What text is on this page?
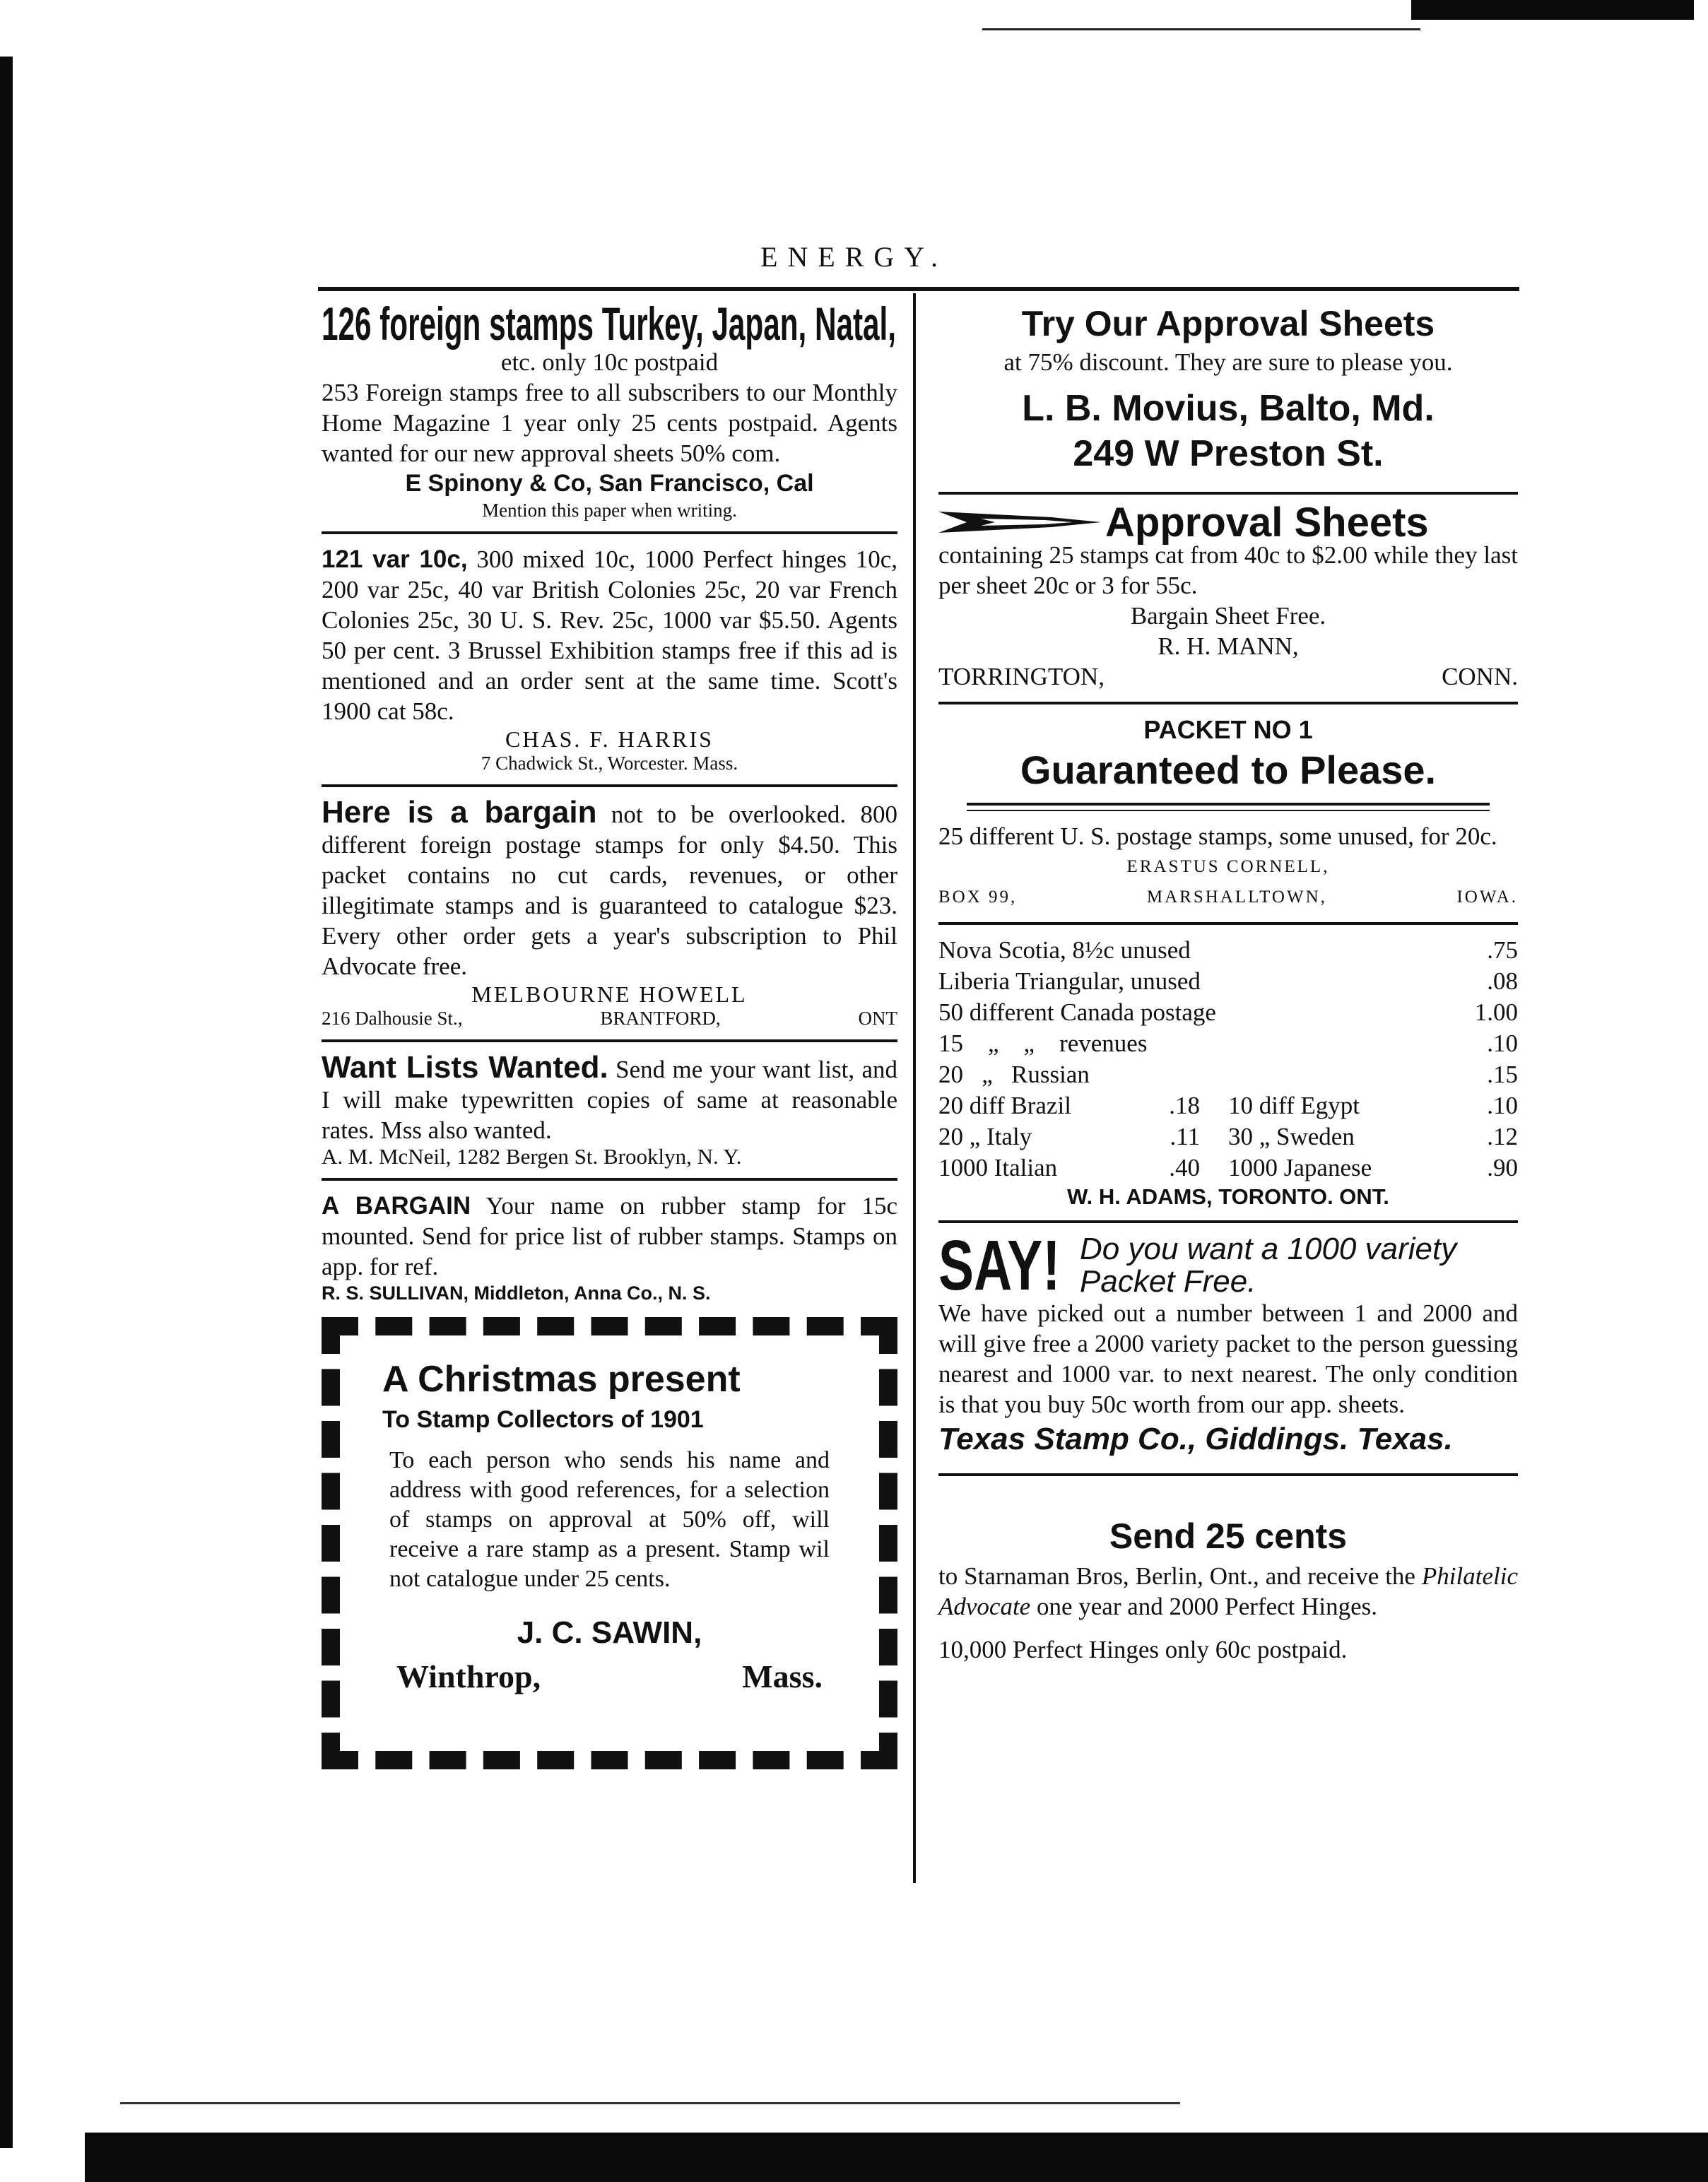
ENERGY.
126 foreign stamps Turkey, Japan, Natal,
etc. only 10c postpaid
253 Foreign stamps free to all subscribers to our Monthly Home Magazine 1 year only 25 cents postpaid. Agents wanted for our new approval sheets 50% com.
E Spinony & Co, San Francisco, Cal
Mention this paper when writing.
121 var 10c, 300 mixed 10c, 1000 Perfect hinges 10c, 200 var 25c, 40 var British Colonies 25c, 20 var French Colonies 25c, 30 U. S. Rev. 25c, 1000 var $5.50. Agents 50 per cent. 3 Brussel Exhibition stamps free if this ad is mentioned and an order sent at the same time. Scott's 1900 cat 58c.
CHAS. F. HARRIS
7 Chadwick St., Worcester. Mass.
Here is a bargain not to be overlooked. 800 different foreign postage stamps for only $4.50. This packet contains no cut cards, revenues, or other illegitimate stamps and is guaranteed to catalogue $23. Every other order gets a year's subscription to Phil Advocate free.
MELBOURNE HOWELL
216 Dalhousie St.,	BRANTFORD,	ONT
Want Lists Wanted. Send me your want list, and I will make typewritten copies of same at reasonable rates. Mss also wanted.
A. M. McNeil, 1282 Bergen St. Brooklyn, N. Y.
A BARGAIN Your name on rubber stamp for 15c mounted. Send for price list of rubber stamps. Stamps on app. for ref.
R. S. SULLIVAN, Middleton, Anna Co., N. S.
A Christmas present
To Stamp Collectors of 1901
To each person who sends his name and address with good references, for a selection of stamps on approval at 50% off, will receive a rare stamp as a present. Stamp wil not catalogue under 25 cents.
J. C. SAWIN,
Winthrop,	Mass.
Try Our Approval Sheets
at 75% discount. They are sure to please you.
L. B. Movius, Balto, Md.
249 W Preston St.
Approval Sheets
containing 25 stamps cat from 40c to $2.00 while they last per sheet 20c or 3 for 55c.
Bargain Sheet Free.
R. H. MANN,
TORRINGTON,	CONN.
PACKET NO 1
Guaranteed to Please.
25 different U. S. postage stamps, some unused, for 20c.
ERASTUS CORNELL,
BOX 99,	MARSHALLTOWN,	IOWA.
Nova Scotia, 8½c unused	.75
Liberia Triangular, unused	.08
50 different Canada postage	1.00
15    „    „    revenues	.10
20   „   Russian	.15
20 diff Brazil	.18 10 diff Egypt	.10
20 „ Italy	.11 30 „ Sweden	.12
1000 Italian	.40 1000 Japanese	.90
W. H. ADAMS, TORONTO. ONT.
SAY! Do you want a 1000 variety
Packet Free.
We have picked out a number between 1 and 2000 and will give free a 2000 variety packet to the person guessing nearest and 1000 var. to next nearest. The only condition is that you buy 50c worth from our app. sheets.
Texas Stamp Co., Giddings. Texas.
Send 25 cents
to Starnaman Bros, Berlin, Ont., and receive the Philatelic Advocate one year and 2000 Perfect Hinges.
10,000 Perfect Hinges only 60c postpaid.
